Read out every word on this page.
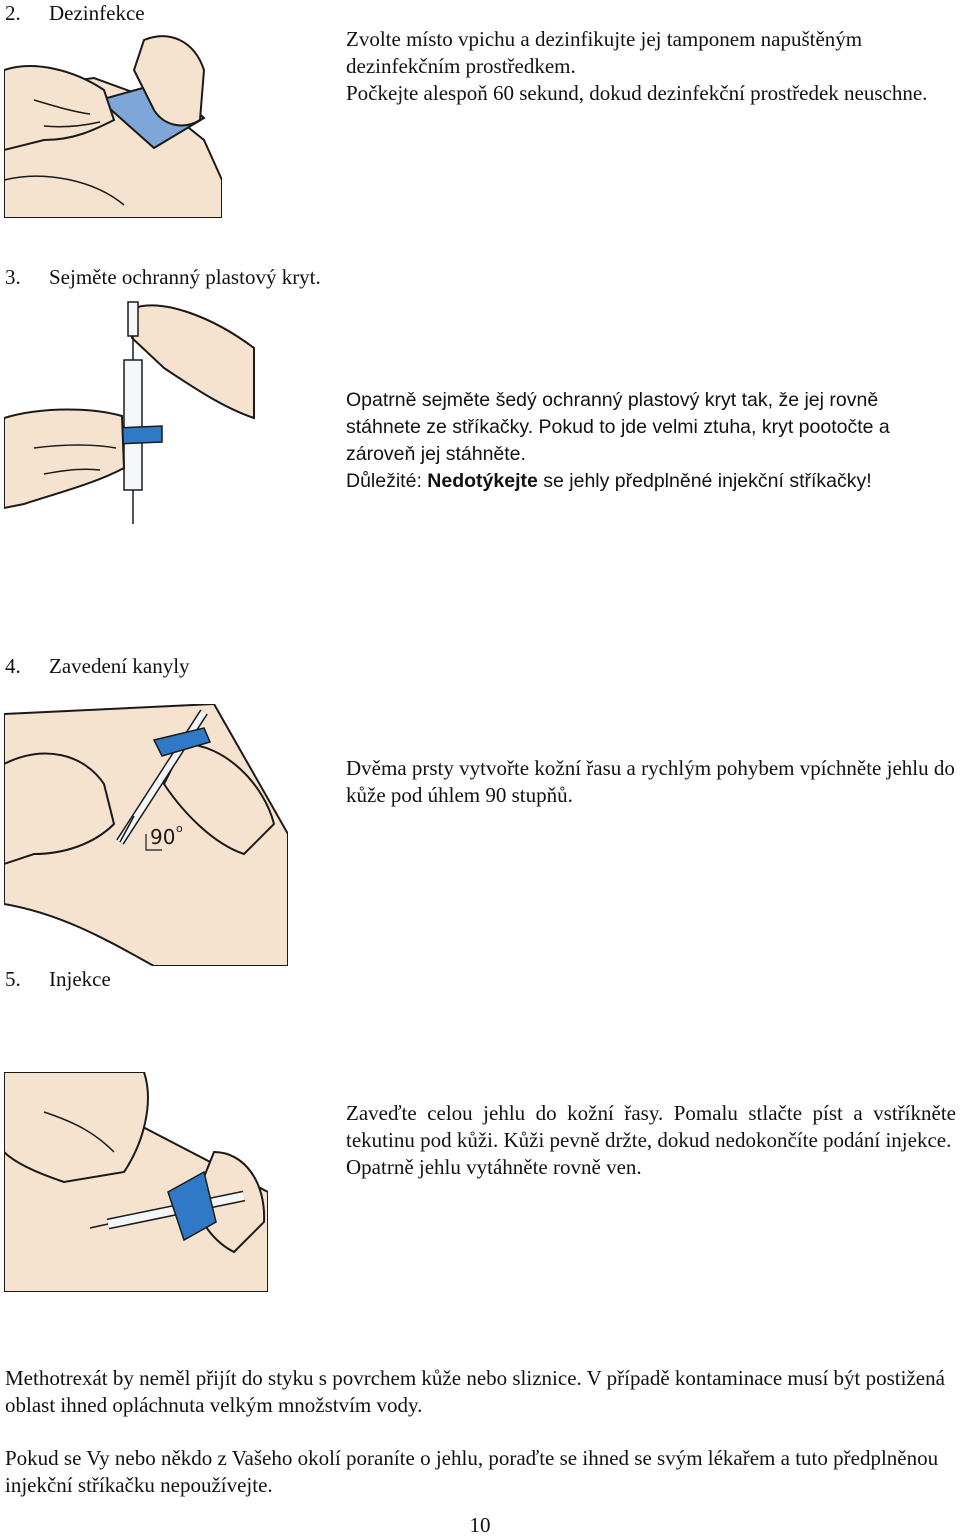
2. Dezinfekce

Zvolte místo vpichu a dezinfikujte jej tamponem napuštěným dezinfekčním prostředkem.

Počkejte alespoň 60 sekund, dokud dezinfekční prostředek neuschne.

3. Sejměte ochranný plastový kryt.

Opatrně sejměte šedý ochranný plastový kryt tak, že jej rovně stáhnete ze stříkačky. Pokud to jde velmi ztuha, kryt pootočte a zároveň jej stáhněte.

Důležité: Nedotýkejte se jehly předplněné injekční stříkačky!

4. Zavedení kanyly
90 o

Dvěma prsty vytvořte kožní řasu a rychlým pohybem vpíchněte jehlu do kůže pod úhlem 90 stupňů.

5. Injekce

Zaveďte celou jehlu do kožní řasy. Pomalu stlačte píst a vstříkněte tekutinu pod kůži. Kůži pevně držte, dokud nedokončíte podání injekce.

Opatrně jehlu vytáhněte rovně ven.

Methotrexát by neměl přijít do styku s povrchem kůže nebo sliznice. V případě kontaminace musí být postižená oblast ihned opláchnuta velkým množstvím vody.

Pokud se Vy nebo někdo z Vašeho okolí poraníte o jehlu, poraďte se ihned se svým lékařem a tuto předplněnou injekční stříkačku nepoužívejte.

10
